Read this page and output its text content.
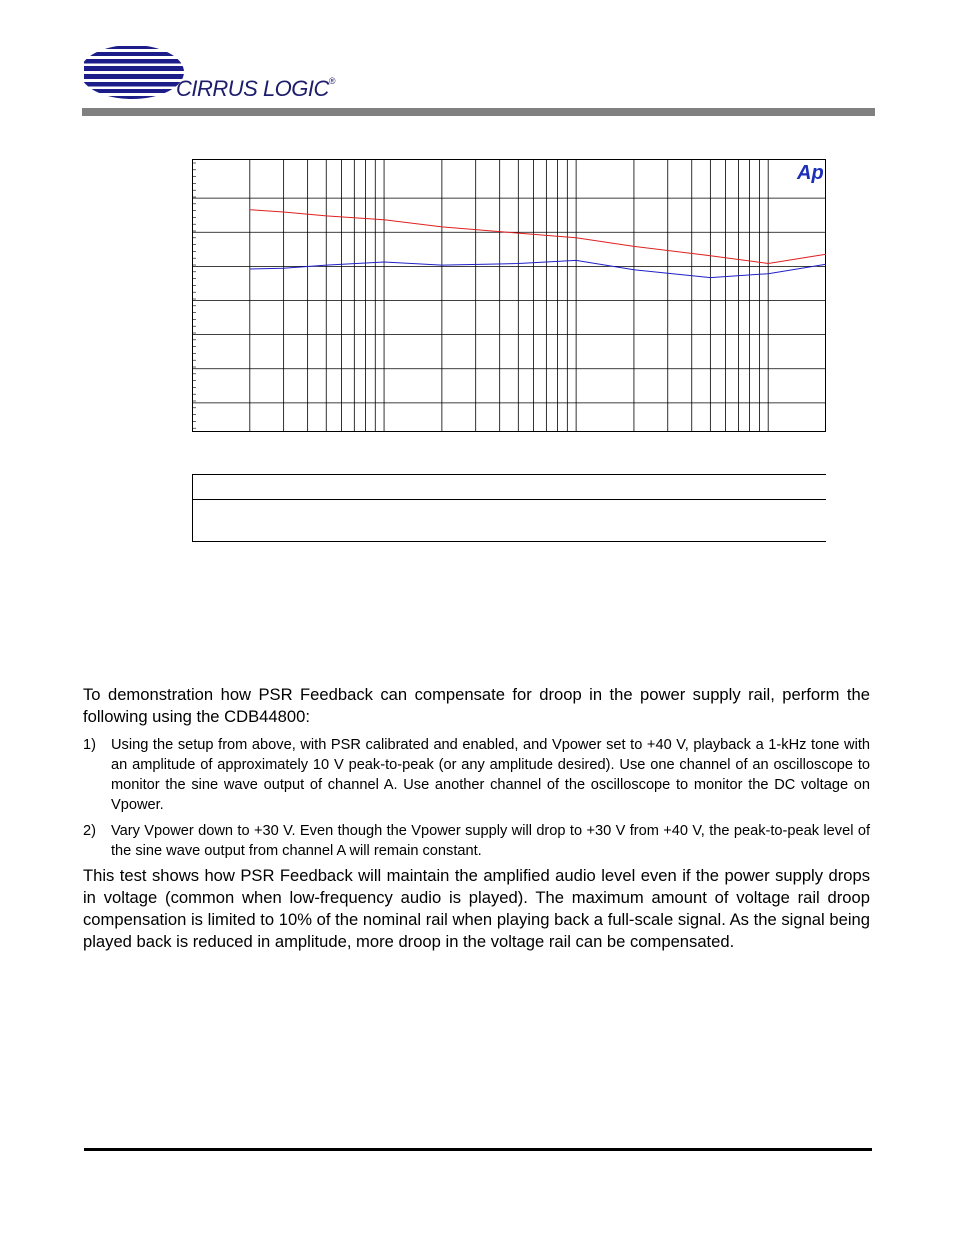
CIRRUS LOGIC®
Ap

To demonstration how PSR Feedback can compensate for droop in the power supply rail, perform the following using the CDB44800:

1) Using the setup from above, with PSR calibrated and enabled, and Vpower set to +40 V, playback a 1-kHz tone with an amplitude of approximately 10 V peak-to-peak (or any amplitude desired). Use one channel of an oscilloscope to monitor the sine wave output of channel A. Use another channel of the oscilloscope to monitor the DC voltage on Vpower.
2) Vary Vpower down to +30 V. Even though the Vpower supply will drop to +30 V from +40 V, the peak-to-peak level of the sine wave output from channel A will remain constant.

This test shows how PSR Feedback will maintain the amplified audio level even if the power supply drops in voltage (common when low-frequency audio is played). The maximum amount of voltage rail droop compensation is limited to 10% of the nominal rail when playing back a full-scale signal. As the signal being played back is reduced in amplitude, more droop in the voltage rail can be compensated.
